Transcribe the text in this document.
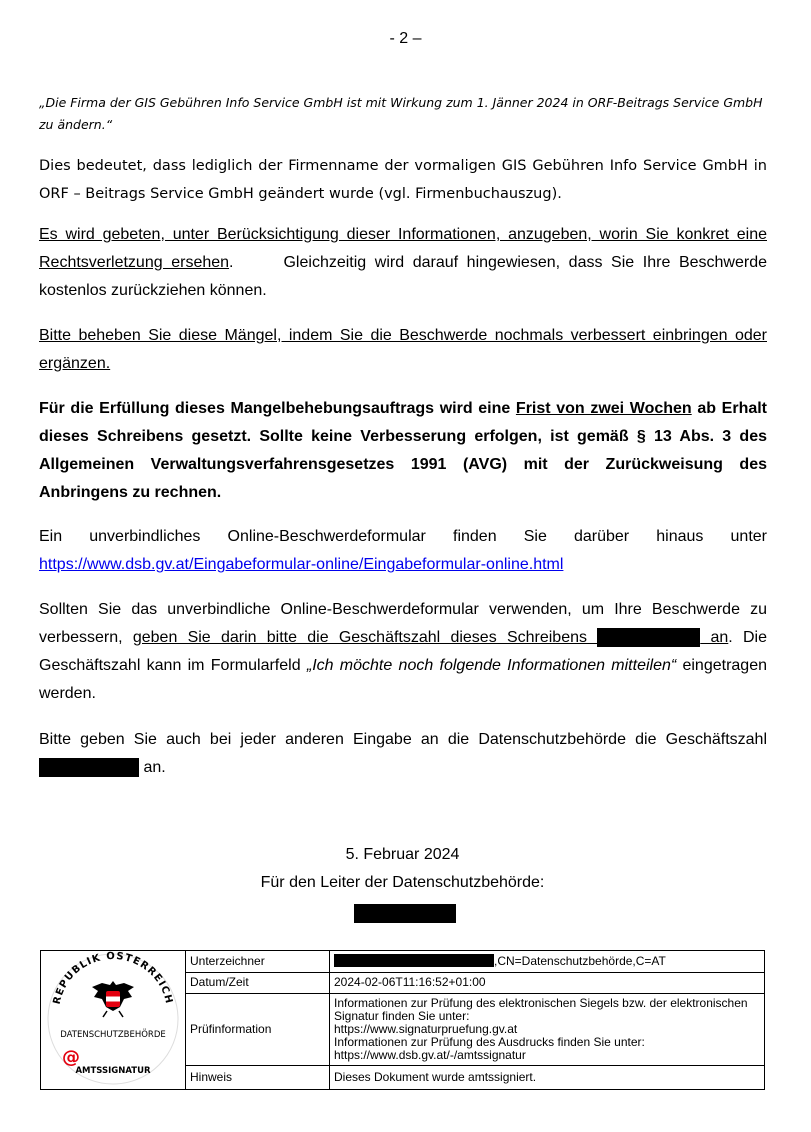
- 2 –
„Die Firma der GIS Gebühren Info Service GmbH ist mit Wirkung zum 1. Jänner 2024 in ORF-Beitrags Service GmbH zu ändern.“
Dies bedeutet, dass lediglich der Firmenname der vormaligen GIS Gebühren Info Service GmbH in ORF – Beitrags Service GmbH geändert wurde (vgl. Firmenbuchauszug).
Es wird gebeten, unter Berücksichtigung dieser Informationen, anzugeben, worin Sie konkret eine Rechtsverletzung ersehen.	Gleichzeitig wird darauf hingewiesen, dass Sie Ihre Beschwerde kostenlos zurückziehen können.
Bitte beheben Sie diese Mängel, indem Sie die Beschwerde nochmals verbessert einbringen oder ergänzen.
Für die Erfüllung dieses Mangelbehebungsauftrags wird eine Frist von zwei Wochen ab Erhalt dieses Schreibens gesetzt. Sollte keine Verbesserung erfolgen, ist gemäß § 13 Abs. 3 des Allgemeinen Verwaltungsverfahrensgesetzes 1991 (AVG) mit der Zurückweisung des Anbringens zu rechnen.
Ein unverbindliches Online-Beschwerdeformular finden Sie darüber hinaus unter https://www.dsb.gv.at/Eingabeformular-online/Eingabeformular-online.html
Sollten Sie das unverbindliche Online-Beschwerdeformular verwenden, um Ihre Beschwerde zu verbessern, geben Sie darin bitte die Geschäftszahl dieses Schreibens	an. Die Geschäftszahl kann im Formularfeld „Ich möchte noch folgende Informationen mitteilen“ eingetragen werden.
Bitte geben Sie auch bei jeder anderen Eingabe an die Datenschutzbehörde die Geschäftszahl  an.
5. Februar 2024
Für den Leiter der Datenschutzbehörde:
REPUBLIK ÖSTERREICH
DATENSCHUTZBEHÖRDE
@
AMTSSIGNATUR	Unterzeichner	,CN=Datenschutzbehörde,C=AT
	Datum/Zeit	2024-02-06T11:16:52+01:00
	Prüfinformation	Informationen zur Prüfung des elektronischen Siegels bzw. der elektronischen Signatur finden Sie unter:
https://www.signaturpruefung.gv.at
Informationen zur Prüfung des Ausdrucks finden Sie unter:
https://www.dsb.gv.at/-/amtssignatur

	Hinweis	Dieses Dokument wurde amtssigniert.
